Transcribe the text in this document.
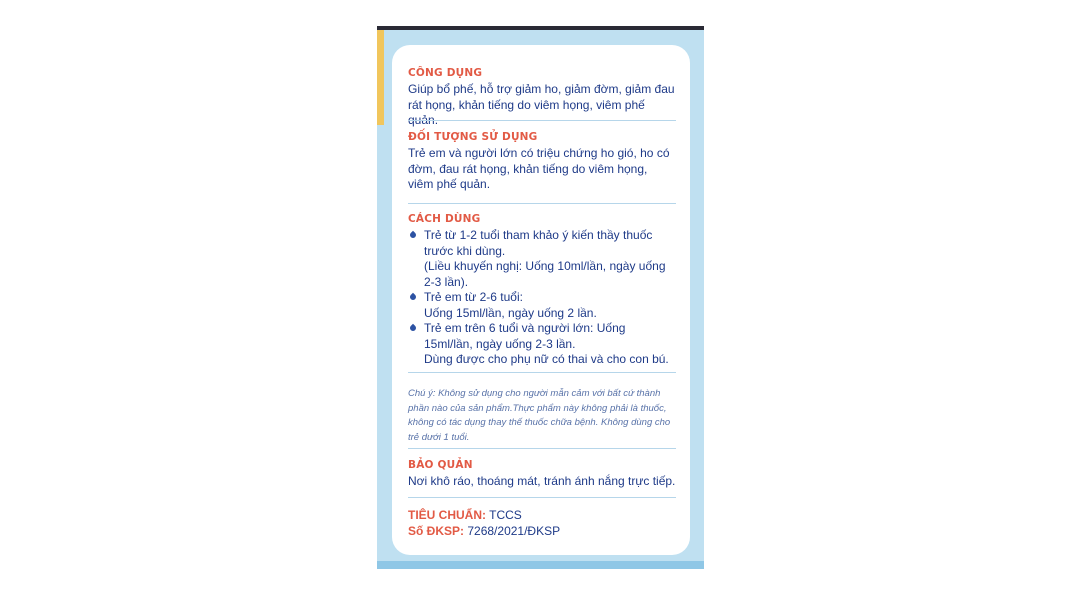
CÔNG DỤNG

Giúp bổ phế, hỗ trợ giảm ho, giảm đờm, giảm đau rát họng, khản tiếng do viêm họng, viêm phế quản.

ĐỐI TƯỢNG SỬ DỤNG

Trẻ em và người lớn có triệu chứng ho gió, ho có đờm, đau rát họng, khản tiếng do viêm họng, viêm phế quản.

CÁCH DÙNG

Trẻ từ 1-2 tuổi tham khảo ý kiến thầy thuốc trước khi dùng.

(Liều khuyến nghị: Uống 10ml/lần, ngày uống 2-3 lần).

Trẻ em từ 2-6 tuổi:

Uống 15ml/lần, ngày uống 2 lần.

Trẻ em trên 6 tuổi và người lớn: Uống 15ml/lần, ngày uống 2-3 lần.

Dùng được cho phụ nữ có thai và cho con bú.

Chú ý: Không sử dụng cho người mẫn cảm với bất cứ thành phần nào của sản phẩm.Thực phẩm này không phải là thuốc, không có tác dụng thay thế thuốc chữa bệnh. Không dùng cho trẻ dưới 1 tuổi.

BẢO QUẢN

Nơi khô ráo, thoáng mát, tránh ánh nắng trực tiếp.

TIÊU CHUẨN: TCCS

Số ĐKSP: 7268/2021/ĐKSP
